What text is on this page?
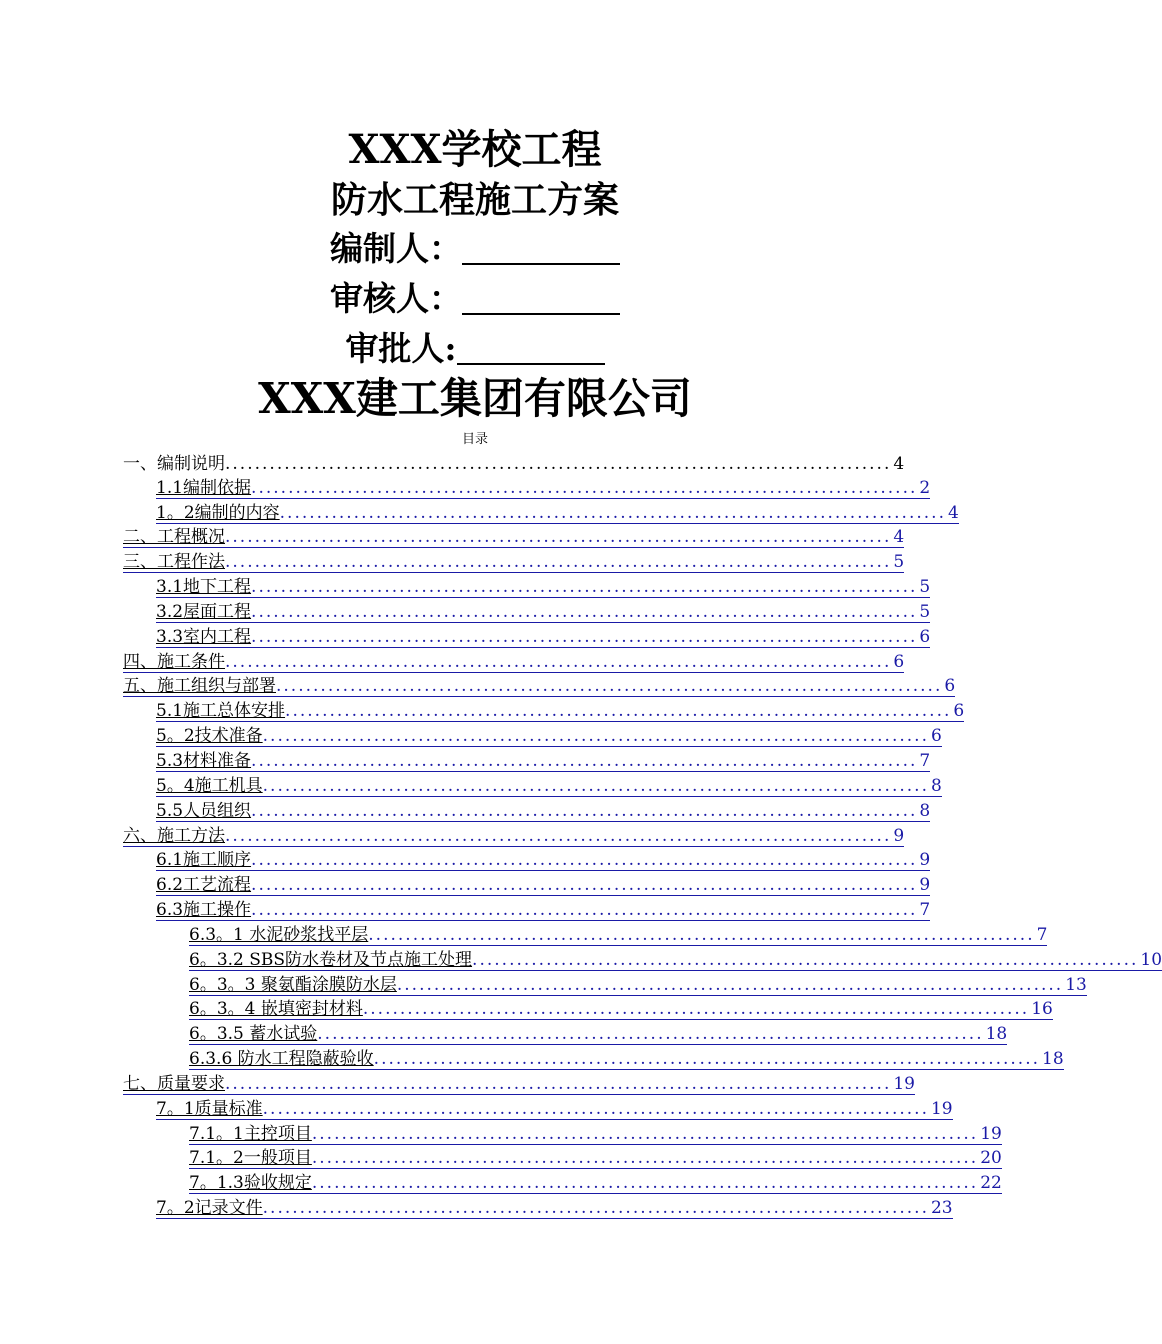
XXX学校工程
防水工程施工方案
编制人：
审核人：
审批人:
XXX建工集团有限公司
目录
一、编制说明 .......................................................................................... 4
1.1编制依据 .......................................................................................... 2
1。2编制的内容 .......................................................................................... 4
二、工程概况 .......................................................................................... 4
三、工程作法 .......................................................................................... 5
3.1地下工程 .......................................................................................... 5
3.2屋面工程 .......................................................................................... 5
3.3室内工程 .......................................................................................... 6
四、施工条件 .......................................................................................... 6
五、施工组织与部署 .......................................................................................... 6
5.1施工总体安排 .......................................................................................... 6
5。2技术准备 .......................................................................................... 6
5.3材料准备 .......................................................................................... 7
5。4施工机具 .......................................................................................... 8
5.5人员组织 .......................................................................................... 8
六、施工方法 .......................................................................................... 9
6.1施工顺序 .......................................................................................... 9
6.2工艺流程 .......................................................................................... 9
6.3施工操作 .......................................................................................... 7
6.3。1 水泥砂浆找平层 .......................................................................................... 7
6。3.2 SBS防水卷材及节点施工处理 .......................................................................................... 10
6。3。3 聚氨酯涂膜防水层 .......................................................................................... 13
6。3。4 嵌填密封材料 .......................................................................................... 16
6。3.5 蓄水试验 .......................................................................................... 18
6.3.6 防水工程隐蔽验收 .......................................................................................... 18
七、质量要求 .......................................................................................... 19
7。1质量标准 .......................................................................................... 19
7.1。1主控项目 .......................................................................................... 19
7.1。2一般项目 .......................................................................................... 20
7。1.3验收规定 .......................................................................................... 22
7。2记录文件 .......................................................................................... 23
